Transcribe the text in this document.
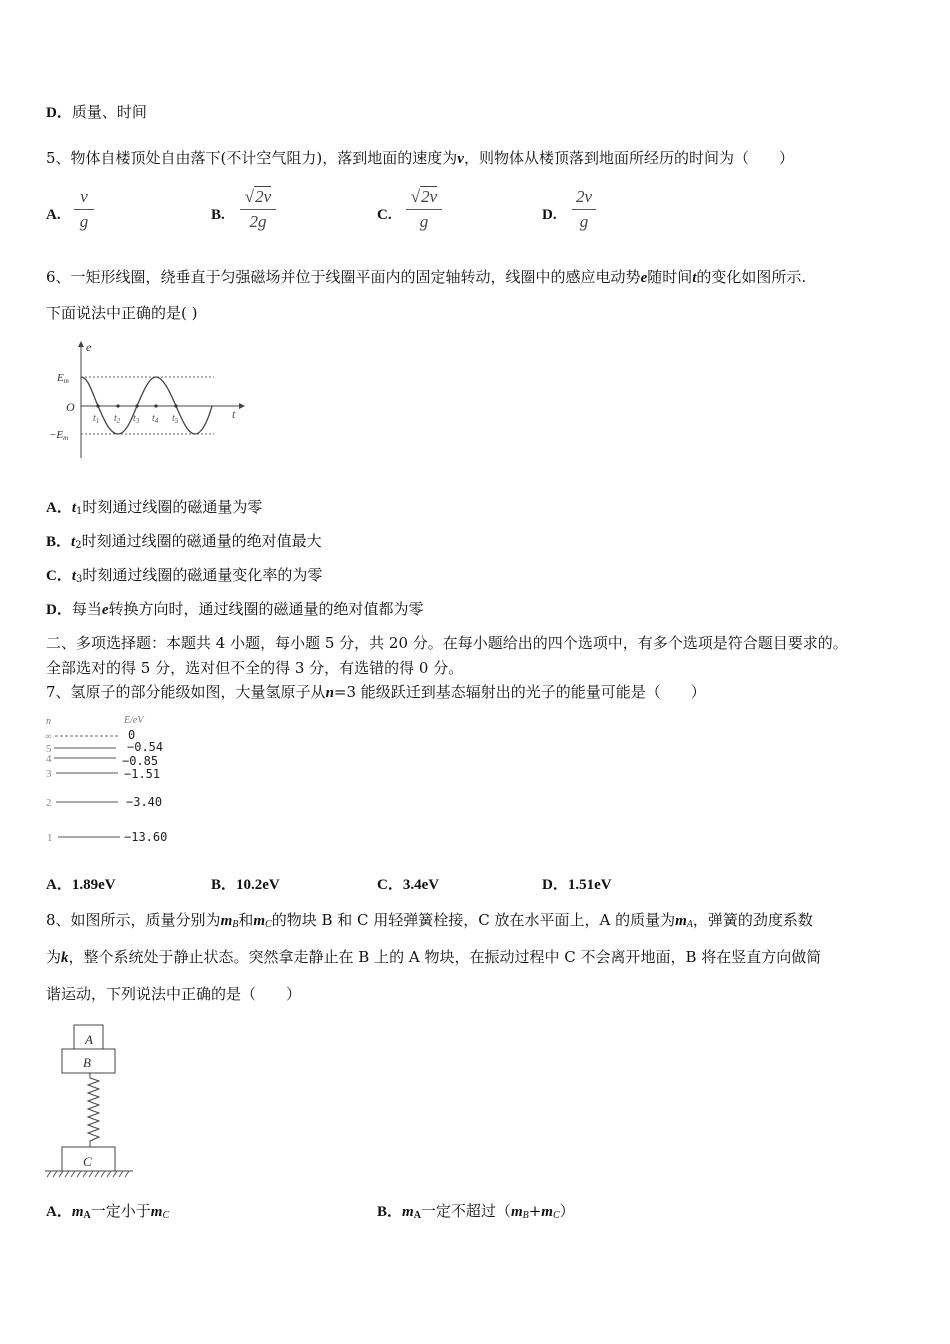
D．质量、时间
5、物体自楼顶处自由落下(不计空气阻力)，落到地面的速度为v，则物体从楼顶落到地面所经历的时间为（　　）
A.
v
g	B.
√2v
2g	C.
√2v
g	D.
2v
g
6、一矩形线圈，绕垂直于匀强磁场并位于线圈平面内的固定轴转动，线圈中的感应电动势e随时间t的变化如图所示.
下面说法中正确的是( )
e
t
O
Em
−Em
$t_1$ $t_2$ $t_3$ $t_4$ $t_5$
A．$t_1$时刻通过线圈的磁通量为零
B．$t_2$时刻通过线圈的磁通量的绝对值最大
C．$t_3$时刻通过线圈的磁通量变化率的为零
D．每当e转换方向时，通过线圈的磁通量的绝对值都为零
二、多项选择题：本题共 4 小题，每小题 5 分，共 20 分。在每小题给出的四个选项中，有多个选项是符合题目要求的。
全部选对的得 5 分，选对但不全的得 3 分，有选错的得 0 分。
7、氢原子的部分能级如图，大量氢原子从n=3 能级跃迁到基态辐射出的光子的能量可能是（　　）
n	E/eV
∞	0
5	−0.54
4	−0.85
3	−1.51
2	−3.40
1	−13.60
A．1.89eV	B．10.2eV	C．3.4eV	D．1.51eV
8、如图所示，质量分别为$m_B$和$m_C$的物块 B 和 C 用轻弹簧栓接，C 放在水平面上，A 的质量为$m_A$，弹簧的劲度系数
为k，整个系统处于静止状态。突然拿走静止在 B 上的 A 物块，在振动过程中 C 不会离开地面，B 将在竖直方向做简
谐运动，下列说法中正确的是（　　）
A
B
C
A．$m_A$一定小于$m_C$	B．$m_A$一定不超过$(m_B+m_C)$
